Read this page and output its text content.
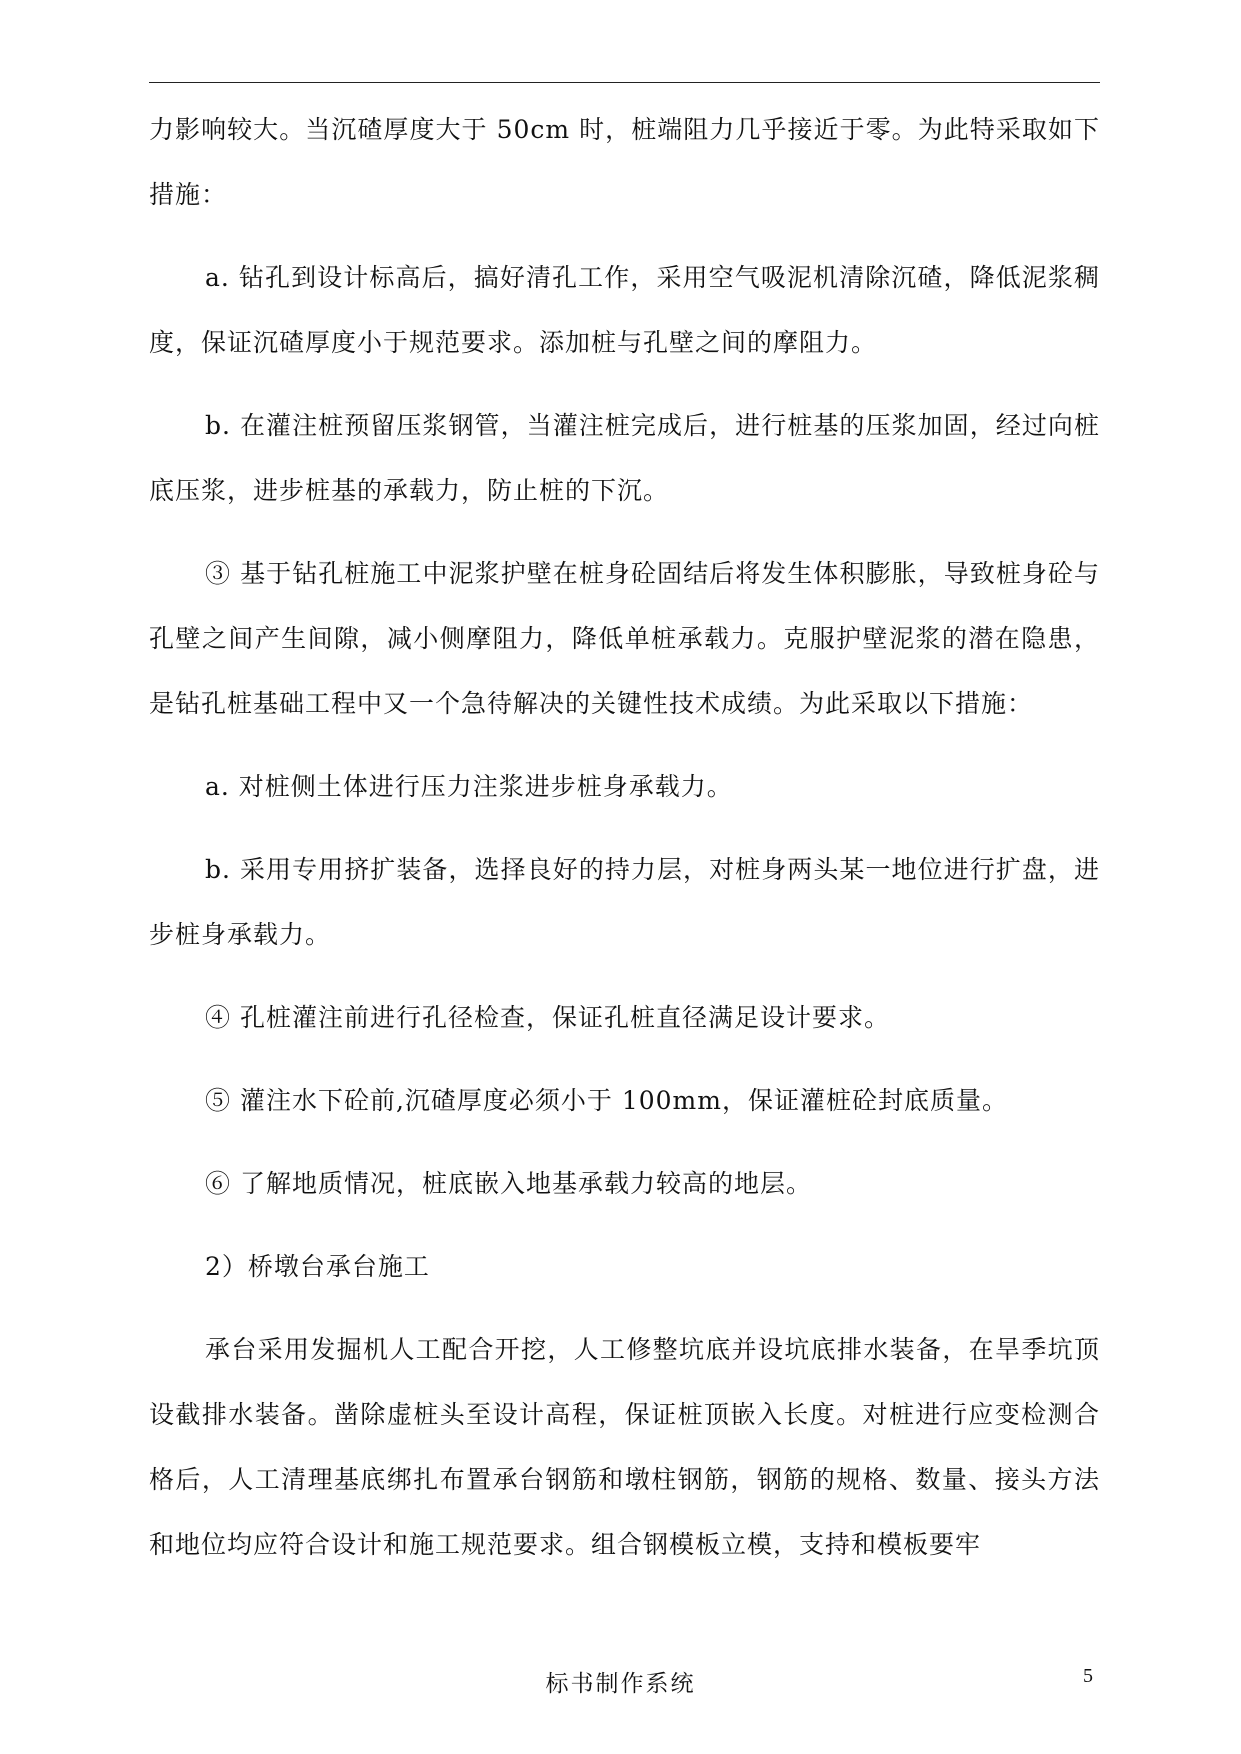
力影响较大。当沉碴厚度大于 50cm 时，桩端阻力几乎接近于零。为此特采取如下措施：

a. 钻孔到设计标高后，搞好清孔工作，采用空气吸泥机清除沉碴，降低泥浆稠度，保证沉碴厚度小于规范要求。添加桩与孔壁之间的摩阻力。

b. 在灌注桩预留压浆钢管，当灌注桩完成后，进行桩基的压浆加固，经过向桩底压浆，进步桩基的承载力，防止桩的下沉。

③ 基于钻孔桩施工中泥浆护壁在桩身砼固结后将发生体积膨胀，导致桩身砼与孔壁之间产生间隙，减小侧摩阻力，降低单桩承载力。克服护壁泥浆的潜在隐患，是钻孔桩基础工程中又一个急待解决的关键性技术成绩。为此采取以下措施：

a. 对桩侧土体进行压力注浆进步桩身承载力。

b. 采用专用挤扩装备，选择良好的持力层，对桩身两头某一地位进行扩盘，进步桩身承载力。

④ 孔桩灌注前进行孔径检查，保证孔桩直径满足设计要求。

⑤ 灌注水下砼前,沉碴厚度必须小于 100mm，保证灌桩砼封底质量。

⑥ 了解地质情况，桩底嵌入地基承载力较高的地层。

2）桥墩台承台施工

承台采用发掘机人工配合开挖，人工修整坑底并设坑底排水装备，在旱季坑顶设截排水装备。凿除虚桩头至设计高程，保证桩顶嵌入长度。对桩进行应变检测合格后，人工清理基底绑扎布置承台钢筋和墩柱钢筋，钢筋的规格、数量、接头方法和地位均应符合设计和施工规范要求。组合钢模板立模，支持和模板要牢

标书制作系统	5
